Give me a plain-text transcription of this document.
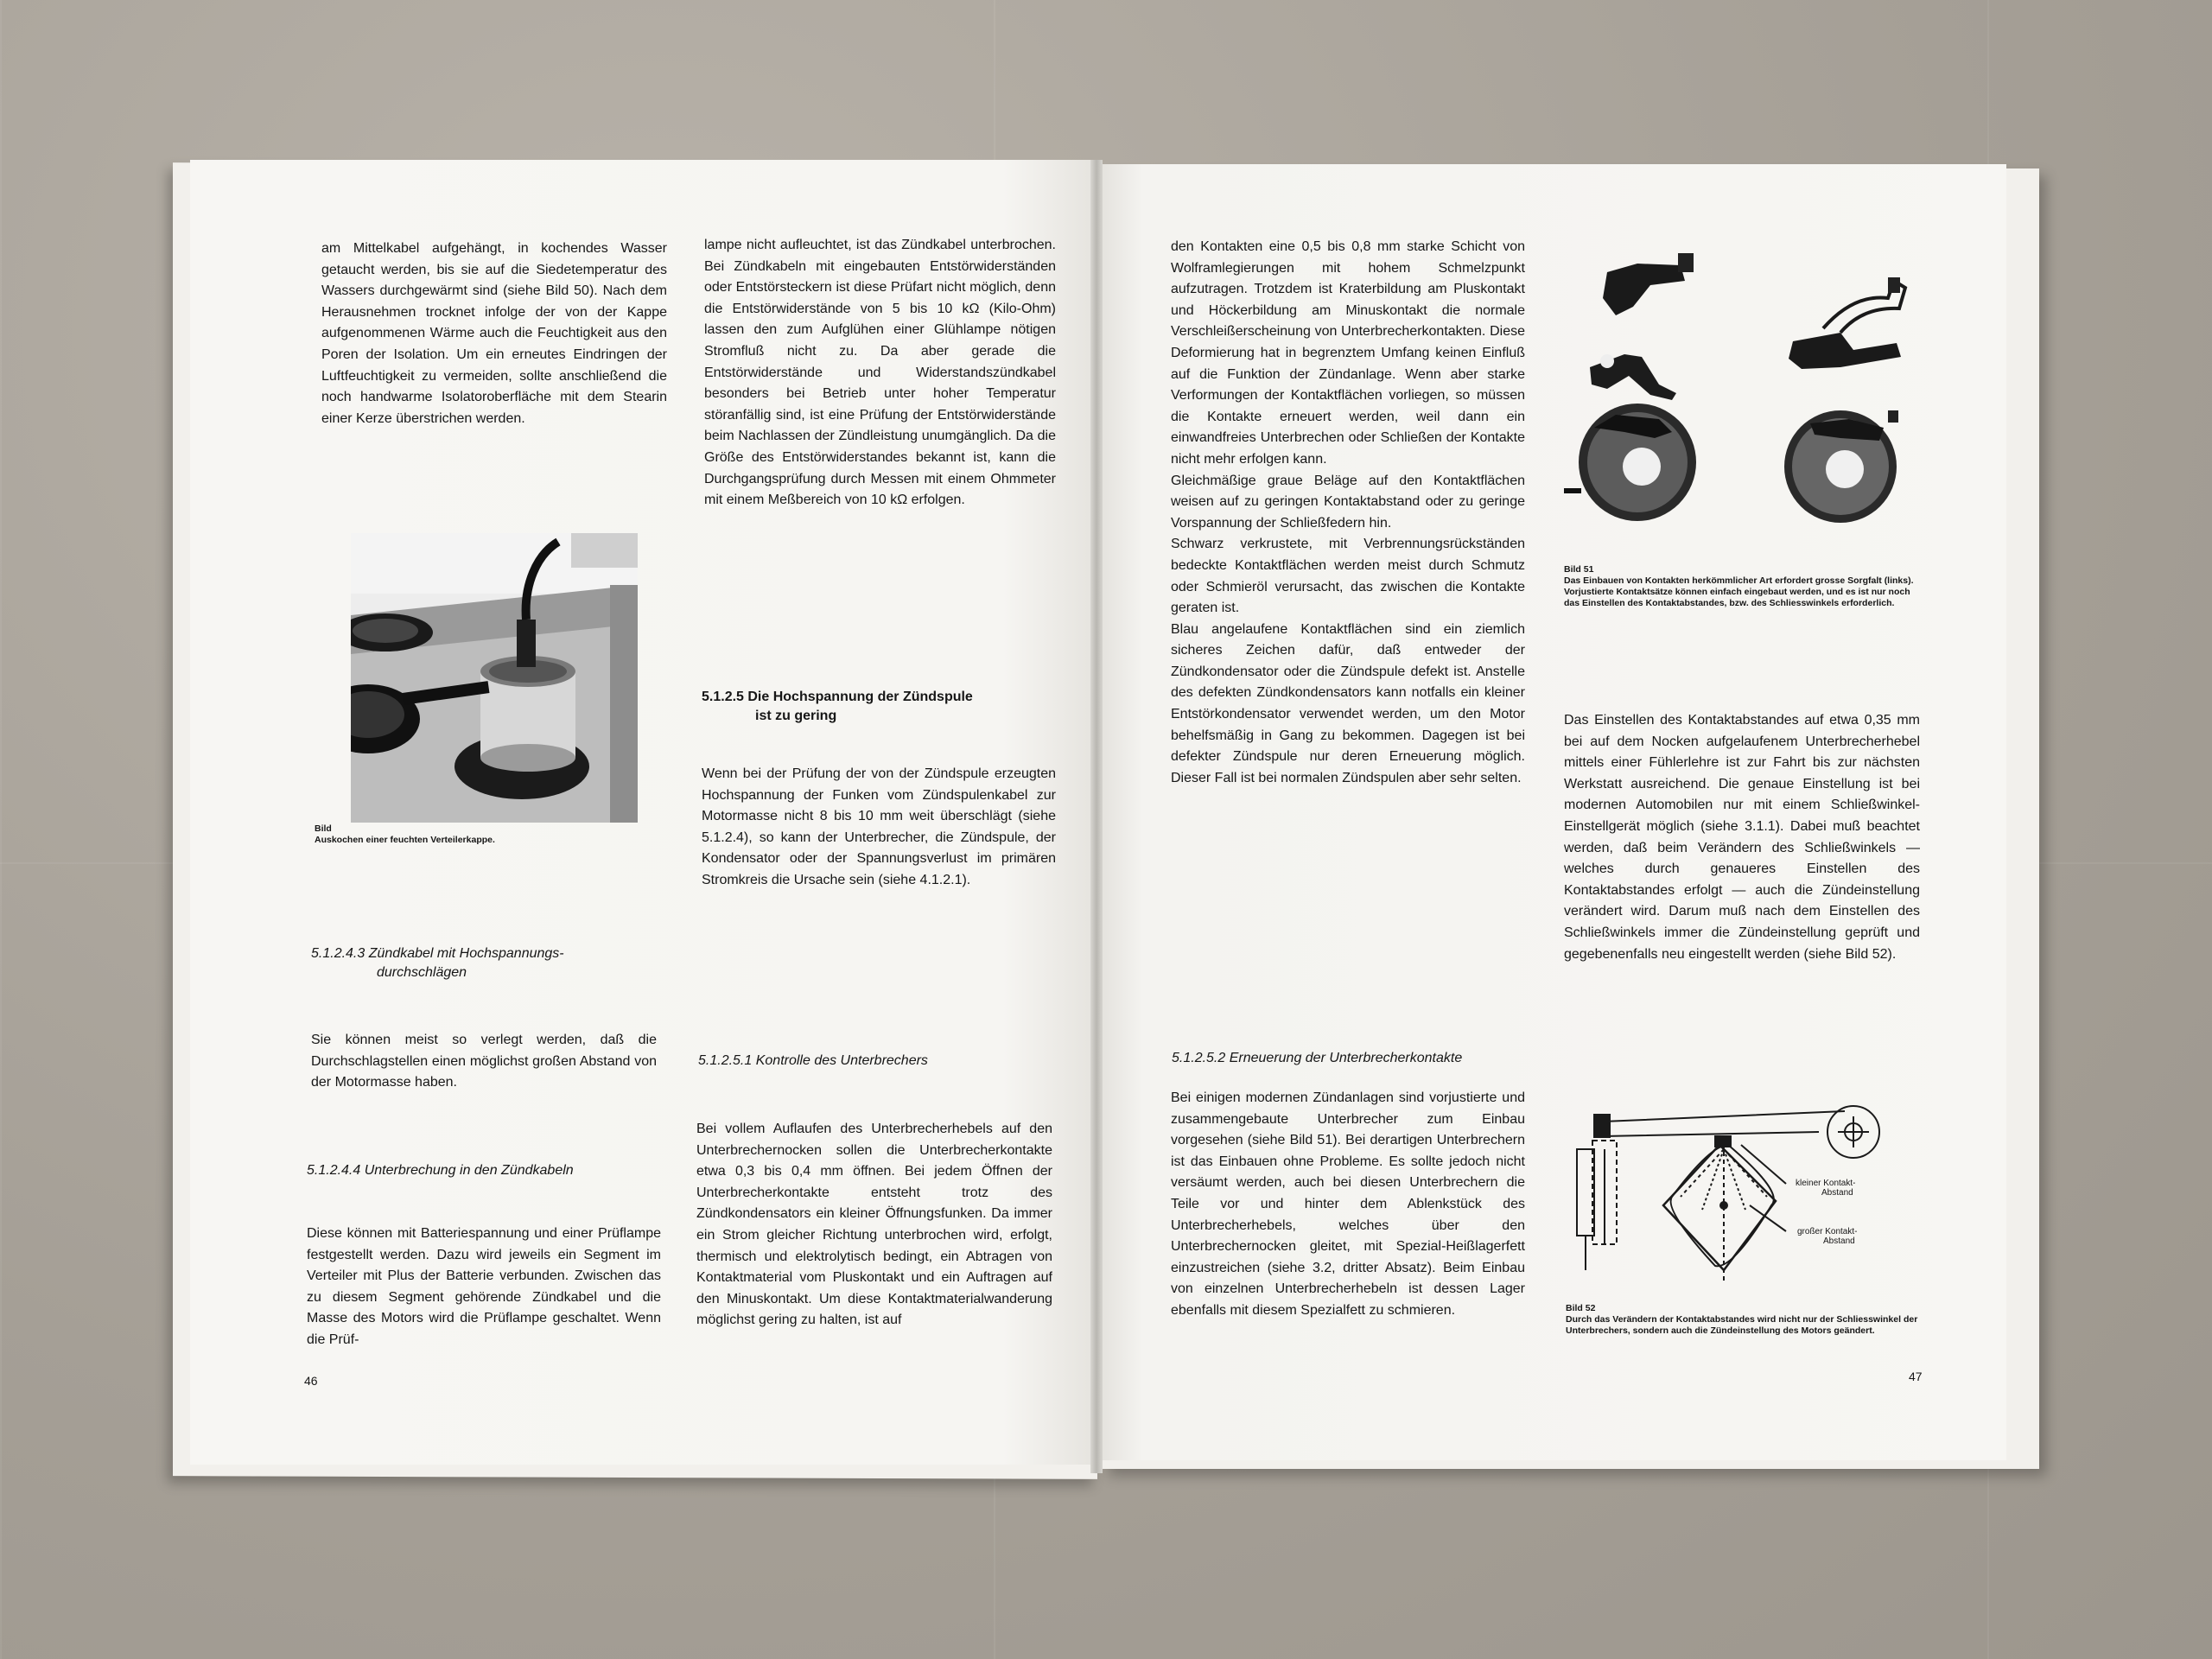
am Mittelkabel aufgehängt, in kochendes Wasser getaucht werden, bis sie auf die Siedetemperatur des Wassers durchgewärmt sind (siehe Bild 50). Nach dem Herausnehmen trocknet infolge der von der Kappe aufgenommenen Wärme auch die Feuchtigkeit aus den Poren der Isolation. Um ein erneutes Eindringen der Luftfeuchtigkeit zu vermeiden, sollte anschließend die noch handwarme Isolatoroberfläche mit dem Stearin einer Kerze überstrichen werden.

Bild
Auskochen einer feuchten Verteilerkappe.
5.1.2.4.3 Zündkabel mit Hochspannungs-
durchschlägen

Sie können meist so verlegt werden, daß die Durchschlagstellen einen möglichst großen Abstand von der Motormasse haben.

5.1.2.4.4 Unterbrechung in den Zündkabeln

Diese können mit Batteriespannung und einer Prüflampe festgestellt werden. Dazu wird jeweils ein Segment im Verteiler mit Plus der Batterie verbunden. Zwischen das zu diesem Segment gehörende Zündkabel und die Masse des Motors wird die Prüflampe geschaltet. Wenn die Prüf-

46

lampe nicht aufleuchtet, ist das Zündkabel unterbrochen. Bei Zündkabeln mit eingebauten Entstörwiderständen oder Entstörsteckern ist diese Prüfart nicht möglich, denn die Entstörwiderstände von 5 bis 10 kΩ (Kilo-Ohm) lassen den zum Aufglühen einer Glühlampe nötigen Stromfluß nicht zu. Da aber gerade die Entstörwiderstände und Widerstandszündkabel besonders bei Betrieb unter hoher Temperatur störanfällig sind, ist eine Prüfung der Entstörwiderstände beim Nachlassen der Zündleistung unumgänglich. Da die Größe des Entstörwiderstandes bekannt ist, kann die Durchgangsprüfung durch Messen mit einem Ohmmeter mit einem Meßbereich von 10 kΩ erfolgen.

5.1.2.5 Die Hochspannung der Zündspule
ist zu gering

Wenn bei der Prüfung der von der Zündspule erzeugten Hochspannung der Funken vom Zündspulenkabel zur Motormasse nicht 8 bis 10 mm weit überschlägt (siehe 5.1.2.4), so kann der Unterbrecher, die Zündspule, der Kondensator oder der Spannungsverlust im primären Stromkreis die Ursache sein (siehe 4.1.2.1).

5.1.2.5.1 Kontrolle des Unterbrechers

Bei vollem Auflaufen des Unterbrecherhebels auf den Unterbrechernocken sollen die Unterbrecherkontakte etwa 0,3 bis 0,4 mm öffnen. Bei jedem Öffnen der Unterbrecherkontakte entsteht trotz des Zündkondensators ein kleiner Öffnungsfunken. Da immer ein Strom gleicher Richtung unterbrochen wird, erfolgt, thermisch und elektrolytisch bedingt, ein Abtragen von Kontaktmaterial vom Pluskontakt und ein Auftragen auf den Minuskontakt. Um diese Kontaktmaterialwanderung möglichst gering zu halten, ist auf

den Kontakten eine 0,5 bis 0,8 mm starke Schicht von Wolframlegierungen mit hohem Schmelzpunkt aufzutragen. Trotzdem ist Kraterbildung am Pluskontakt und Höckerbildung am Minuskontakt die normale Verschleißerscheinung von Unterbrecherkontakten. Diese Deformierung hat in begrenztem Umfang keinen Einfluß auf die Funktion der Zündanlage. Wenn aber starke Verformungen der Kontaktflächen vorliegen, so müssen die Kontakte erneuert werden, weil dann ein einwandfreies Unterbrechen oder Schließen der Kontakte nicht mehr erfolgen kann.

Gleichmäßige graue Beläge auf den Kontaktflächen weisen auf zu geringen Kontaktabstand oder zu geringe Vorspannung der Schließfedern hin.

Schwarz verkrustete, mit Verbrennungsrückständen bedeckte Kontaktflächen werden meist durch Schmutz oder Schmieröl verursacht, das zwischen die Kontakte geraten ist.

Blau angelaufene Kontaktflächen sind ein ziemlich sicheres Zeichen dafür, daß entweder der Zündkondensator oder die Zündspule defekt ist. Anstelle des defekten Zündkondensators kann notfalls ein kleiner Entstörkondensator verwendet werden, um den Motor behelfsmäßig in Gang zu bekommen. Dagegen ist bei defekter Zündspule nur deren Erneuerung möglich. Dieser Fall ist bei normalen Zündspulen aber sehr selten.

5.1.2.5.2 Erneuerung der Unterbrecherkontakte

Bei einigen modernen Zündanlagen sind vorjustierte und zusammengebaute Unterbrecher zum Einbau vorgesehen (siehe Bild 51). Bei derartigen Unterbrechern ist das Einbauen ohne Probleme. Es sollte jedoch nicht versäumt werden, auch bei diesen Unterbrechern die Teile vor und hinter dem Ablenkstück des Unterbrecherhebels, welches über den Unterbrechernocken gleitet, mit Spezial-Heißlagerfett einzustreichen (siehe 3.2, dritter Absatz). Beim Einbau von einzelnen Unterbrecherhebeln ist dessen Lager ebenfalls mit diesem Spezialfett zu schmieren.

Bild 51
Das Einbauen von Kontakten herkömmlicher Art erfordert grosse Sorgfalt (links). Vorjustierte Kontaktsätze können einfach eingebaut werden, und es ist nur noch das Einstellen des Kontaktabstandes, bzw. des Schliesswinkels erforderlich.

Das Einstellen des Kontaktabstandes auf etwa 0,35 mm bei auf dem Nocken aufgelaufenem Unterbrecherhebel mittels einer Fühlerlehre ist zur Fahrt bis zur nächsten Werkstatt ausreichend. Die genaue Einstellung ist bei modernen Automobilen nur mit einem Schließwinkel-Einstellgerät möglich (siehe 3.1.1). Dabei muß beachtet werden, daß beim Verändern des Schließwinkels — welches durch genaueres Einstellen des Kontaktabstandes erfolgt — auch die Zündeinstellung verändert wird. Darum muß nach dem Einstellen des Schließwinkels immer die Zündeinstellung geprüft und gegebenenfalls neu eingestellt werden (siehe Bild 52).

kleiner Kontakt-
Abstand
großer Kontakt-
Abstand
Bild 52
Durch das Verändern der Kontaktabstandes wird nicht nur der Schliesswinkel der Unterbrechers, sondern auch die Zündeinstellung des Motors geändert.
47
